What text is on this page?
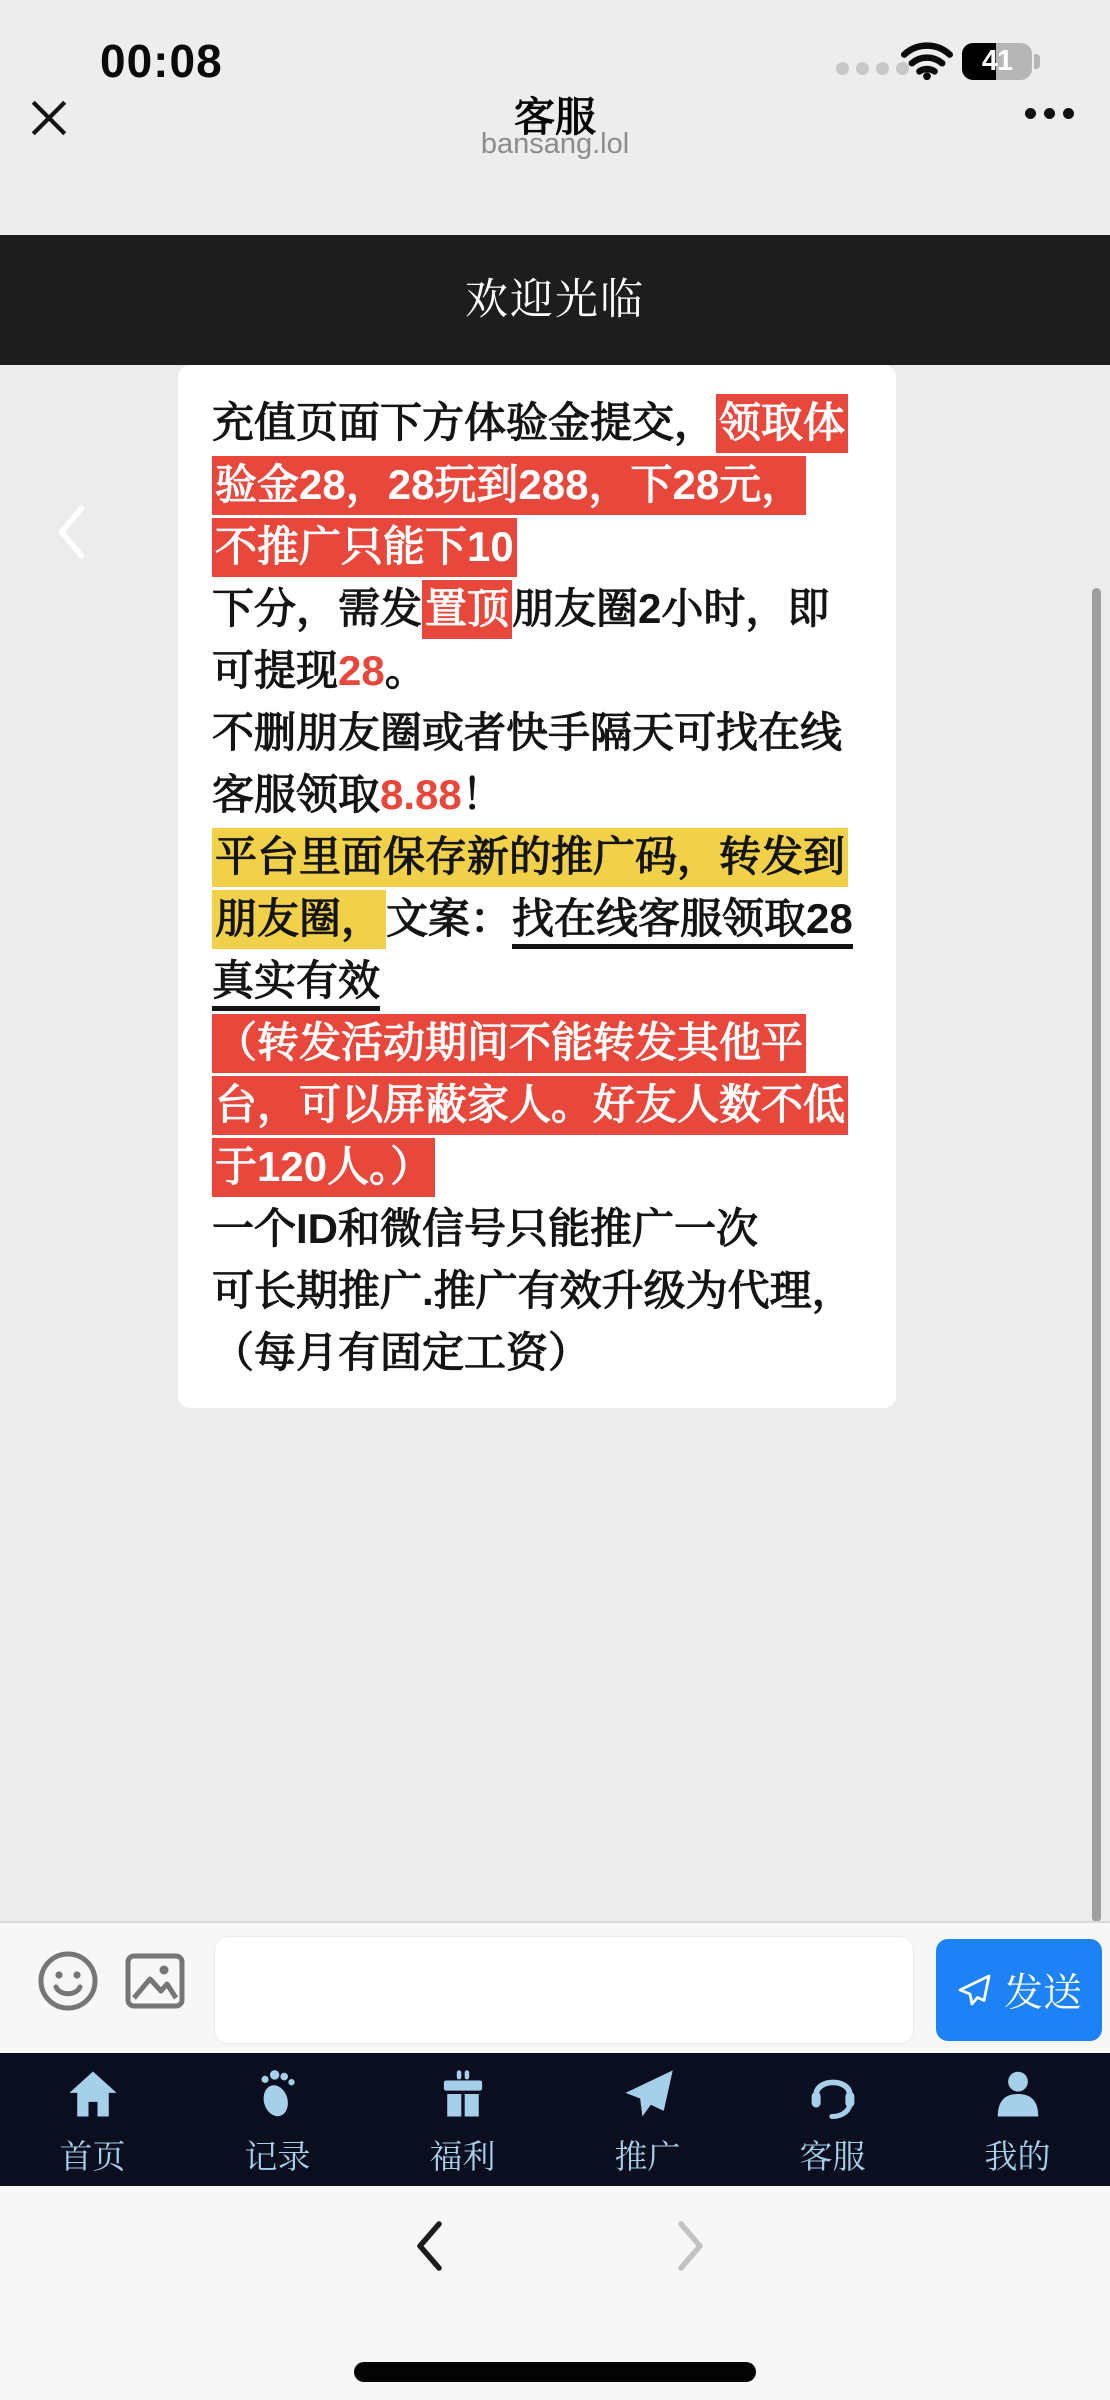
00:08	41
客服
bansang.lol
欢迎光临
充值页面下方体验金提交，领取体
验金28，28玩到288，下28元，
不推广只能下10
下分，需发置顶朋友圈2小时，即
可提现28。
不删朋友圈或者快手隔天可找在线
客服领取8.88！
平台里面保存新的推广码，转发到
朋友圈，文案：找在线客服领取28
真实有效
（转发活动期间不能转发其他平
台，可以屏蔽家人。好友人数不低
于120人。）
一个ID和微信号只能推广一次
可长期推广.推广有效升级为代理，
（每月有固定工资）
发送
首页	记录	福利	推广	客服	我的
